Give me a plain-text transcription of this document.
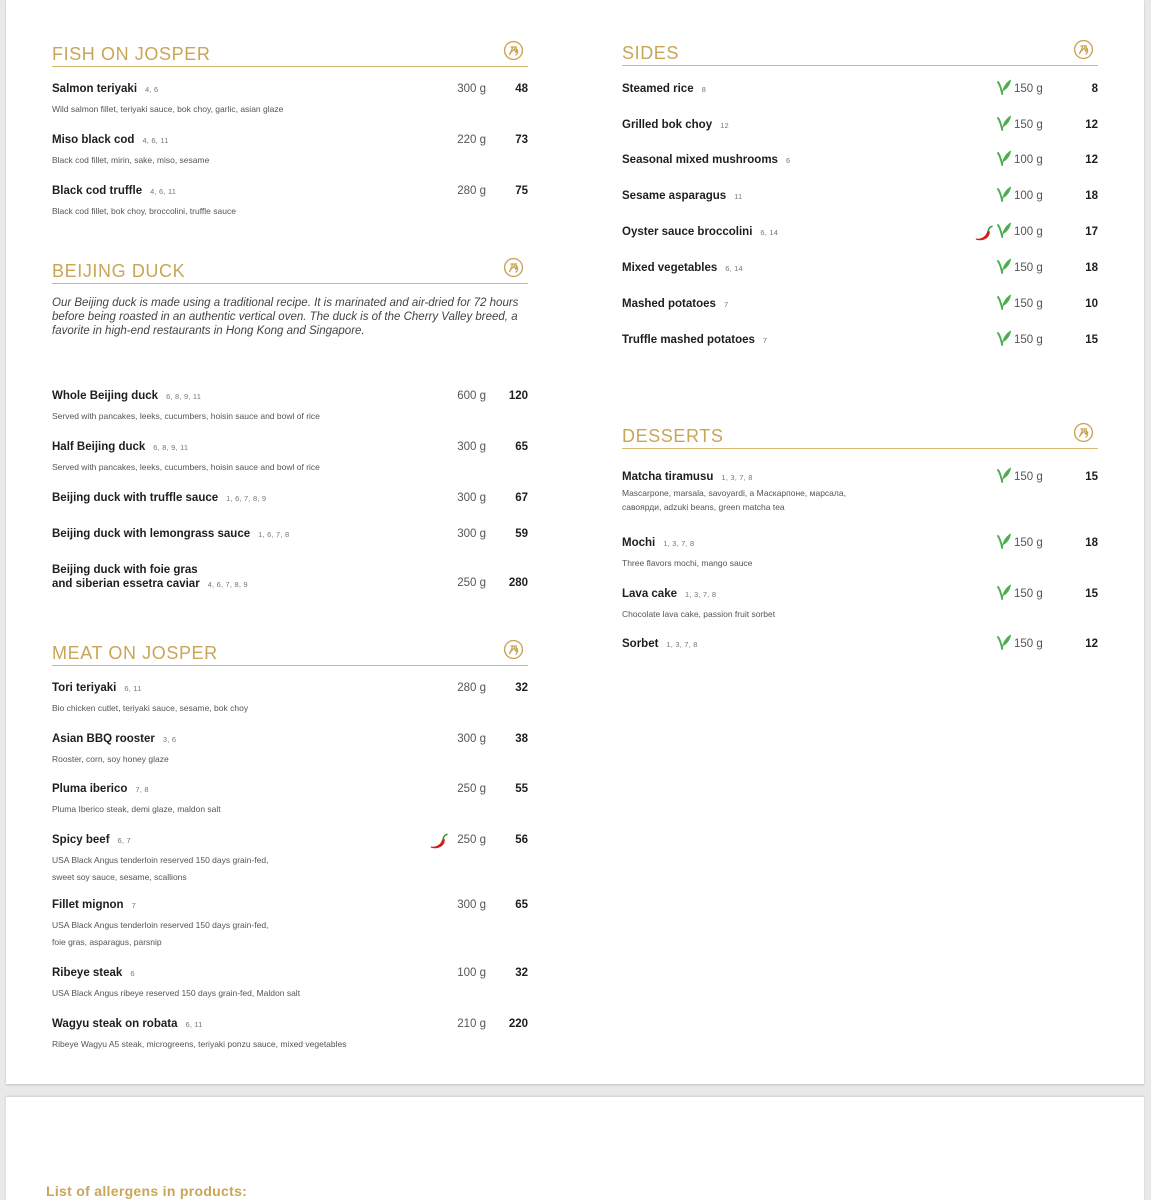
FISH ON JOSPER
Salmon teriyaki 4, 6
Wild salmon fillet, teriyaki sauce, bok choy, garlic, asian glaze
300 g	48
Miso black cod 4, 6, 11
Black cod fillet, mirin, sake, miso, sesame
220 g	73
Black cod truffle 4, 6, 11
Black cod fillet, bok choy, broccolini, truffle sauce
280 g	75
BEIJING DUCK
Our Beijing duck is made using a traditional recipe. It is marinated and air-dried for 72 hours before being roasted in an authentic vertical oven. The duck is of the Cherry Valley breed, a favorite in high-end restaurants in Hong Kong and Singapore.
Whole Beijing duck 6, 8, 9, 11
Served with pancakes, leeks, cucumbers, hoisin sauce and bowl of rice
600 g	120
Half Beijing duck 6, 8, 9, 11
Served with pancakes, leeks, cucumbers, hoisin sauce and bowl of rice
300 g	65
Beijing duck with truffle sauce 1, 6, 7, 8, 9	300 g	67
Beijing duck with lemongrass sauce 1, 6, 7, 8	300 g	59
Beijing duck with foie gras
and siberian essetra caviar 4, 6, 7, 8, 9	250 g	280
MEAT ON JOSPER
Tori teriyaki 6, 11
Bio chicken cutlet, teriyaki sauce, sesame, bok choy
280 g	32
Asian BBQ rooster 3, 6
Rooster, corn, soy honey glaze
300 g	38
Pluma iberico 7, 8
Pluma Iberico steak, demi glaze, maldon salt
250 g	55
Spicy beef 6, 7
USA Black Angus tenderloin reserved 150 days grain-fed,
sweet soy sauce, sesame, scallions
250 g	56
Fillet mignon 7
USA Black Angus tenderloin reserved 150 days grain-fed,
foie gras, asparagus, parsnip
300 g	65
Ribeye steak 6
USA Black Angus ribeye reserved 150 days grain-fed, Maldon salt
100 g	32
Wagyu steak on robata 6, 11
Ribeye Wagyu A5 steak, microgreens, teriyaki ponzu sauce, mixed vegetables
210 g	220
SIDES
Steamed rice 8	150 g	8
Grilled bok choy 12	150 g	12
Seasonal mixed mushrooms 6	100 g	12
Sesame asparagus 11	100 g	18
Oyster sauce broccolini 6, 14	100 g	17
Mixed vegetables 6, 14	150 g	18
Mashed potatoes 7	150 g	10
Truffle mashed potatoes 7	150 g	15
DESSERTS
Matcha tiramusu 1, 3, 7, 8
Mascarpone, marsala, savoyardi, a Маскарпоне, марсала,
савоярди, adzuki beans, green matcha tea
150 g	15
Mochi 1, 3, 7, 8
Three flavors mochi, mango sauce
150 g	18
Lava cake 1, 3, 7, 8
Chocolate lava cake, passion fruit sorbet
150 g	15
Sorbet 1, 3, 7, 8	150 g	12
List of allergens in products:
